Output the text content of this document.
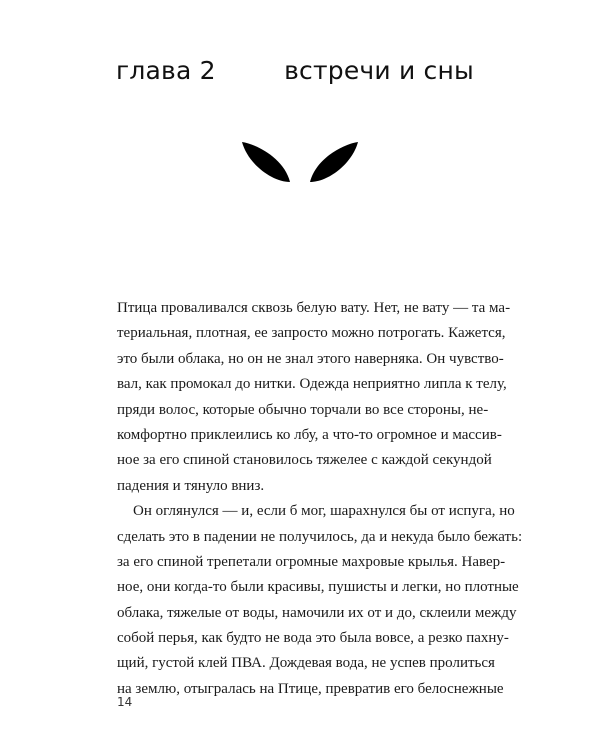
глава 2	встречи и сны
Птица проваливался сквозь белую вату. Нет, не вату — та ма-
териальная, плотная, ее запросто можно потрогать. Кажется,
это были облака, но он не знал этого наверняка. Он чувство-
вал, как промокал до нитки. Одежда неприятно липла к телу,
пряди волос, которые обычно торчали во все стороны, не-
комфортно приклеились ко лбу, а что-то огромное и массив-
ное за его спиной становилось тяжелее с каждой секундой
падения и тянуло вниз.
Он оглянулся — и, если б мог, шарахнулся бы от испуга, но
сделать это в падении не получилось, да и некуда было бежать:
за его спиной трепетали огромные махровые крылья. Навер-
ное, они когда-то были красивы, пушисты и легки, но плотные
облака, тяжелые от воды, намочили их от и до, склеили между
собой перья, как будто не вода это была вовсе, а резко пахну-
щий, густой клей ПВА. Дождевая вода, не успев пролиться
на землю, отыгралась на Птице, превратив его белоснежные
14
